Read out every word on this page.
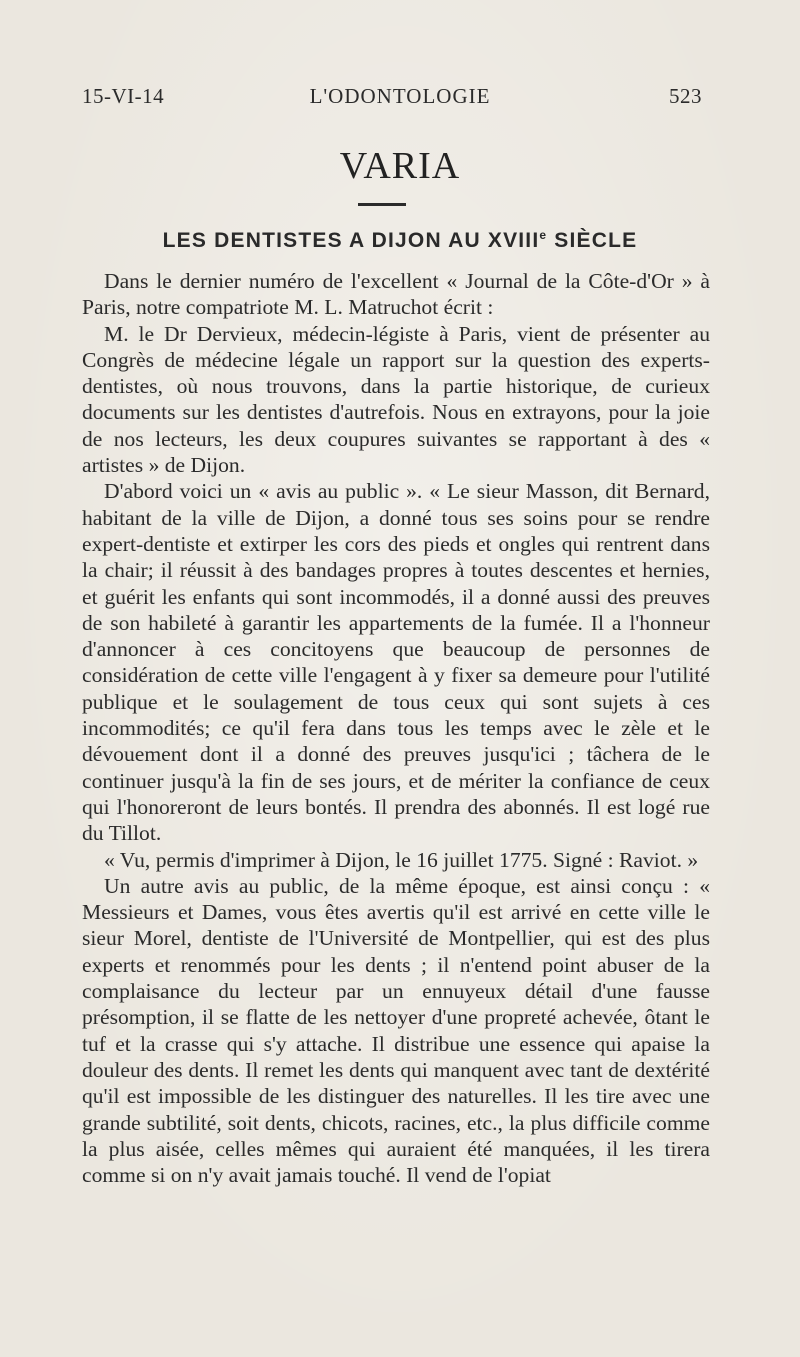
15-VI-14	L'ODONTOLOGIE	523
VARIA
LES DENTISTES A DIJON AU XVIIIe SIÈCLE

Dans le dernier numéro de l'excellent « Journal de la Côte-d'Or » à Paris, notre compatriote M. L. Matruchot écrit :

M. le Dr Dervieux, médecin-légiste à Paris, vient de présenter au Congrès de médecine légale un rapport sur la question des experts-dentistes, où nous trouvons, dans la partie historique, de curieux documents sur les dentistes d'autrefois. Nous en extrayons, pour la joie de nos lecteurs, les deux coupures suivantes se rapportant à des « artistes » de Dijon.

D'abord voici un « avis au public ». « Le sieur Masson, dit Bernard, habitant de la ville de Dijon, a donné tous ses soins pour se rendre expert-dentiste et extirper les cors des pieds et ongles qui rentrent dans la chair; il réussit à des bandages propres à toutes descentes et hernies, et guérit les enfants qui sont incommodés, il a donné aussi des preuves de son habileté à garantir les appartements de la fumée. Il a l'honneur d'annoncer à ces concitoyens que beaucoup de personnes de considération de cette ville l'engagent à y fixer sa demeure pour l'utilité publique et le soulagement de tous ceux qui sont sujets à ces incommodités; ce qu'il fera dans tous les temps avec le zèle et le dévouement dont il a donné des preuves jusqu'ici ; tâchera de le continuer jusqu'à la fin de ses jours, et de mériter la confiance de ceux qui l'honoreront de leurs bontés. Il prendra des abonnés. Il est logé rue du Tillot.

« Vu, permis d'imprimer à Dijon, le 16 juillet 1775. Signé : Raviot. »

Un autre avis au public, de la même époque, est ainsi conçu : « Messieurs et Dames, vous êtes avertis qu'il est arrivé en cette ville le sieur Morel, dentiste de l'Université de Montpellier, qui est des plus experts et renommés pour les dents ; il n'entend point abuser de la complaisance du lecteur par un ennuyeux détail d'une fausse présomption, il se flatte de les nettoyer d'une propreté achevée, ôtant le tuf et la crasse qui s'y attache. Il distribue une essence qui apaise la douleur des dents. Il remet les dents qui manquent avec tant de dextérité qu'il est impossible de les distinguer des naturelles. Il les tire avec une grande subtilité, soit dents, chicots, racines, etc., la plus difficile comme la plus aisée, celles mêmes qui auraient été manquées, il les tirera comme si on n'y avait jamais touché. Il vend de l'opiat
